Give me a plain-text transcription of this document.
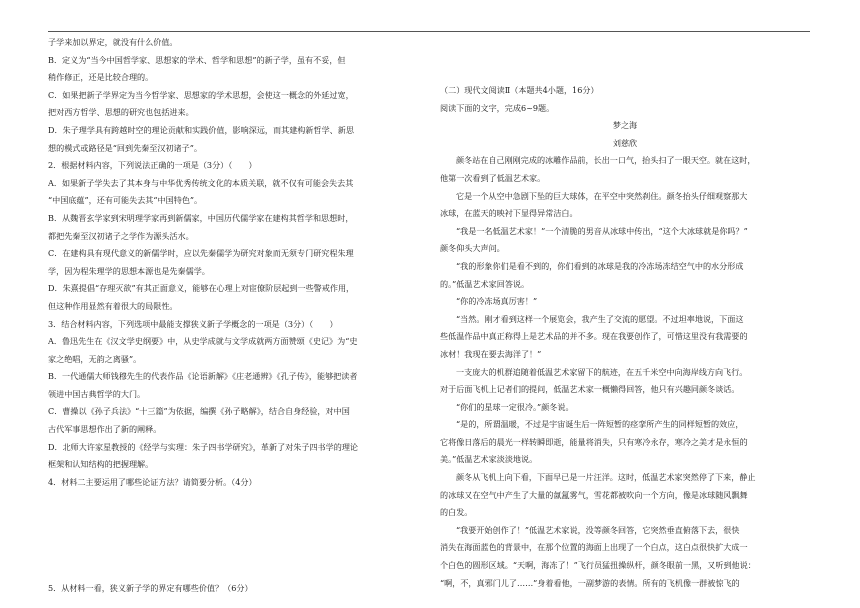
子学来加以界定，就没有什么价值。
B．定义为“当今中国哲学家、思想家的学术、哲学和思想”的新子学，虽有不妥，但
稍作修正，还是比较合理的。
C．如果把新子学界定为当今哲学家、思想家的学术思想，会使这一概念的外延过宽，
把对西方哲学、思想的研究也包括进来。
D．朱子理学具有跨越时空的理论贡献和实践价值，影响深远，而其建构新哲学、新思
想的模式或路径是“回到先秦至汉初诸子”。
2．根据材料内容，下列说法正确的一项是（3分）（　　）
A．如果新子学失去了其本身与中华优秀传统文化的本质关联，就不仅有可能会失去其
“中国底蕴”，还有可能失去其“中国特色”。
B．从魏晋玄学家到宋明理学家再到新儒家，中国历代儒学家在建构其哲学和思想时，
都把先秦至汉初诸子之学作为源头活水。
C．在建构具有现代意义的新儒学时，应以先秦儒学为研究对象而无须专门研究程朱理
学，因为程朱理学的思想本源也是先秦儒学。
D．朱熹提倡“存理灭欲”有其正面意义，能够在心理上对宦僚阶层起到一些警戒作用，
但这种作用显然有着很大的局限性。
3．结合材料内容，下列选项中最能支撑狭义新子学概念的一项是（3分）（　　）
A．鲁迅先生在《汉文学史纲要》中，从史学成就与文学成就两方面赞颂《史记》为“史
家之绝唱，无韵之离骚”。
B．一代通儒大师钱穆先生的代表作品《论语新解》《庄老通辨》《孔子传》，能够把读者
领进中国古典哲学的大门。
C．曹操以《孙子兵法》“十三篇”为依据，编撰《孙子略解》，结合自身经验，对中国
古代军事思想作出了新的阐释。
D．北师大许家星教授的《经学与实理：朱子四书学研究》，革新了对朱子四书学的理论
框架和认知结构的把握理解。
4．材料二主要运用了哪些论证方法？请简要分析。（4分）
5．从材料一看，狭义新子学的界定有哪些价值？（6分）
（二）现代文阅读Ⅱ（本题共4小题，16分）
阅读下面的文字，完成6~9题。
梦之海
刘慈欣
颜冬站在自己刚刚完成的冰雕作品前，长出一口气，抬头扫了一眼天空。就在这时，
他第一次看到了低温艺术家。
它是一个从空中急剧下坠的巨大球体，在平空中突然刹住。颜冬抬头仔细观察那大
冰球，在蓝天的映衬下显得异常洁白。
“我是一名低温艺术家！”一个清脆的男音从冰球中传出，“这个大冰球就是你吗？”
颜冬仰头大声问。
“我的形象你们是看不到的，你们看到的冰球是我的冷冻场冻结空气中的水分形成
的。”低温艺术家回答说。
“你的冷冻场真厉害！”
“当然。刚才看到这样一个展览会，我产生了交流的愿望。不过坦率地说，下面这
些低温作品中真正称得上是艺术品的并不多。现在我要创作了，可惜这里没有我需要的
冰材！我现在要去海洋了！”
一支庞大的机群追随着低温艺术家留下的航迹，在五千米空中向海岸线方向飞行。
对于后面飞机上记者们的提问，低温艺术家一概懒得回答，他只有兴趣同颜冬谈话。
“你们的星球一定很冷。”颜冬说。
“是的，所谓温暖，不过是宇宙诞生后一阵短暂的痉挛所产生的同样短暂的效应，
它将像日落后的晨光一样转瞬即逝，能量将消失，只有寒冷永存，寒冷之美才是永恒的
美。”低温艺术家淡淡地说。
颜冬从飞机上向下看，下面早已是一片汪洋。这时，低温艺术家突然停了下来，静止
的冰球又在空气中产生了大量的氤氲雾气，雪花都被吹向一个方向，像是冰球随风飘舞
的白发。
“我要开始创作了！”低温艺术家说，没等颜冬回答，它突然垂直俯落下去，很快
消失在海面蓝色的背景中，在那个位置的海面上出现了一个白点，这白点很快扩大成一
个白色的圆形区域。“天啊，海冻了！”飞行员猛扭操纵杆，颜冬眼前一黑，又听到他说：
“啊，不，真邪门儿了……”身着看他，一副梦游的表情。所有的飞机像一群被惊飞的
